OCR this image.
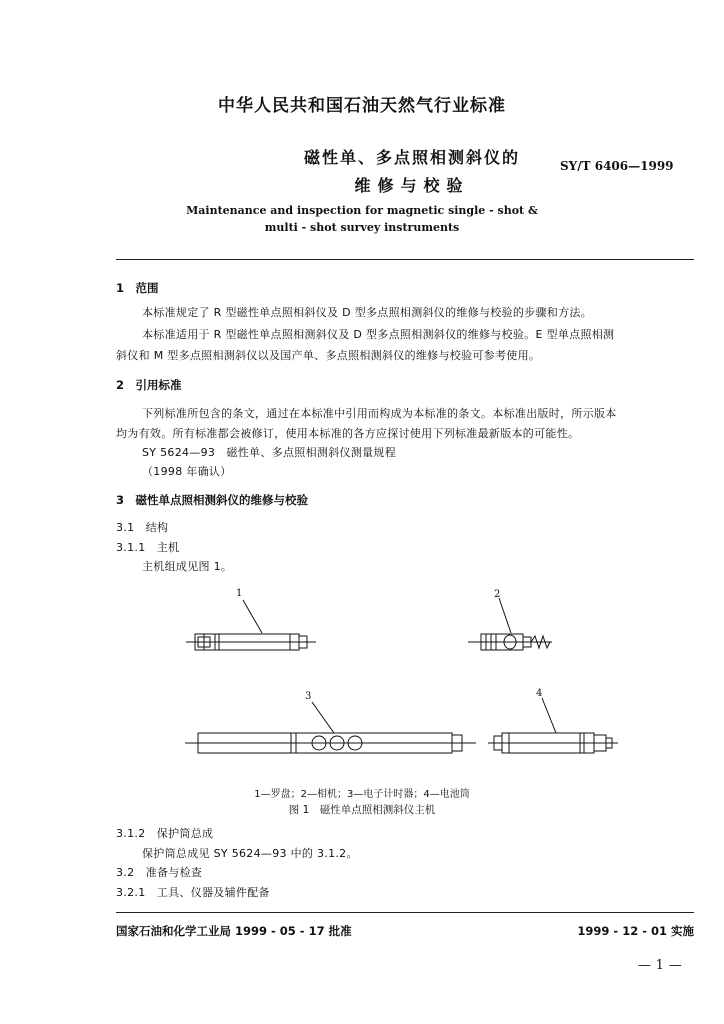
中华人民共和国石油天然气行业标准
磁性单、多点照相测斜仪的
维修与校验
SY/T 6406—1999
Maintenance and inspection for magnetic single - shot &
multi - shot survey instruments
1　范围
本标准规定了 R 型磁性单点照相斜仪及 D 型多点照相测斜仪的维修与校验的步骤和方法。
本标准适用于 R 型磁性单点照相测斜仪及 D 型多点照相测斜仪的维修与校验。E 型单点照相测
斜仪和 M 型多点照相测斜仪以及国产单、多点照相测斜仪的维修与校验可参考使用。
2　引用标准
下列标准所包含的条文，通过在本标准中引用而构成为本标准的条文。本标准出版时，所示版本
均为有效。所有标准都会被修订，使用本标准的各方应探讨使用下列标准最新版本的可能性。
SY 5624—93　磁性单、多点照相测斜仪测量规程
（1998 年确认）
3　磁性单点照相测斜仪的维修与校验
3.1　结构
3.1.1　主机
主机组成见图 1。
1	2
3	4
1—罗盘；2—相机；3—电子计时器；4—电池筒
图 1　磁性单点照相测斜仪主机
3.1.2　保护筒总成
保护筒总成见 SY 5624—93 中的 3.1.2。
3.2　准备与检查
3.2.1　工具、仪器及辅件配备
国家石油和化学工业局 1999 - 05 - 17 批准	1999 - 12 - 01 实施
— 1 —
